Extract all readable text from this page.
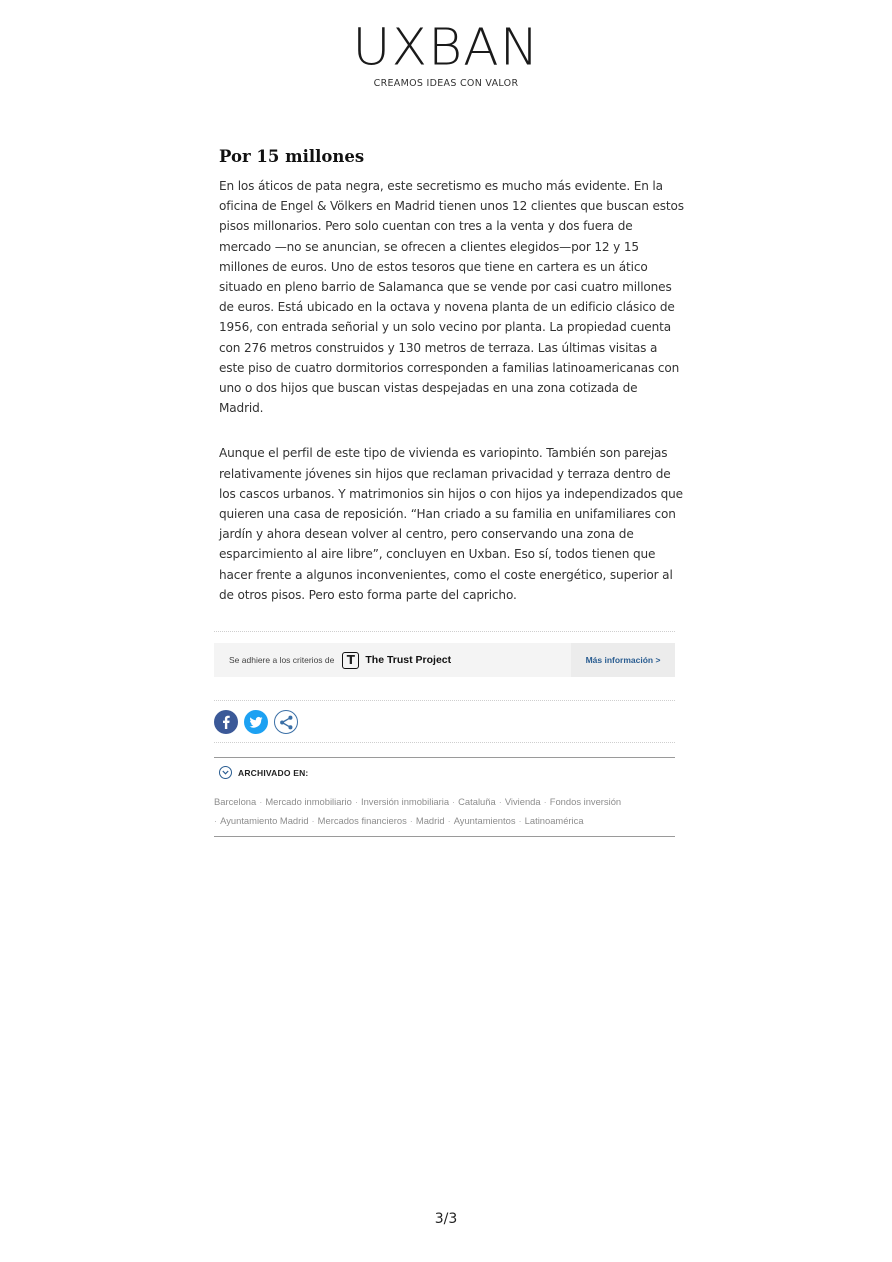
UXBAN
CREAMOS IDEAS CON VALOR
Por 15 millones

En los áticos de pata negra, este secretismo es mucho más evidente. En la oficina de Engel & Völkers en Madrid tienen unos 12 clientes que buscan estos pisos millonarios. Pero solo cuentan con tres a la venta y dos fuera de mercado —no se anuncian, se ofrecen a clientes elegidos—por 12 y 15 millones de euros. Uno de estos tesoros que tiene en cartera es un ático situado en pleno barrio de Salamanca que se vende por casi cuatro millones de euros. Está ubicado en la octava y novena planta de un edificio clásico de 1956, con entrada señorial y un solo vecino por planta. La propiedad cuenta con 276 metros construidos y 130 metros de terraza. Las últimas visitas a este piso de cuatro dormitorios corresponden a familias latinoamericanas con uno o dos hijos que buscan vistas despejadas en una zona cotizada de Madrid.

Aunque el perfil de este tipo de vivienda es variopinto. También son parejas relativamente jóvenes sin hijos que reclaman privacidad y terraza dentro de los cascos urbanos. Y matrimonios sin hijos o con hijos ya independizados que quieren una casa de reposición. “Han criado a su familia en unifamiliares con jardín y ahora desean volver al centro, pero conservando una zona de esparcimiento al aire libre”, concluyen en Uxban. Eso sí, todos tienen que hacer frente a algunos inconvenientes, como el coste energético, superior al de otros pisos. Pero esto forma parte del capricho.

Se adhiere a los criterios de	T The Trust Project	Más información >
ARCHIVADO EN:
Barcelona · Mercado inmobiliario · Inversión inmobiliaria · Cataluña · Vivienda · Fondos inversión
· Ayuntamiento Madrid · Mercados financieros · Madrid · Ayuntamientos · Latinoamérica
3/3
